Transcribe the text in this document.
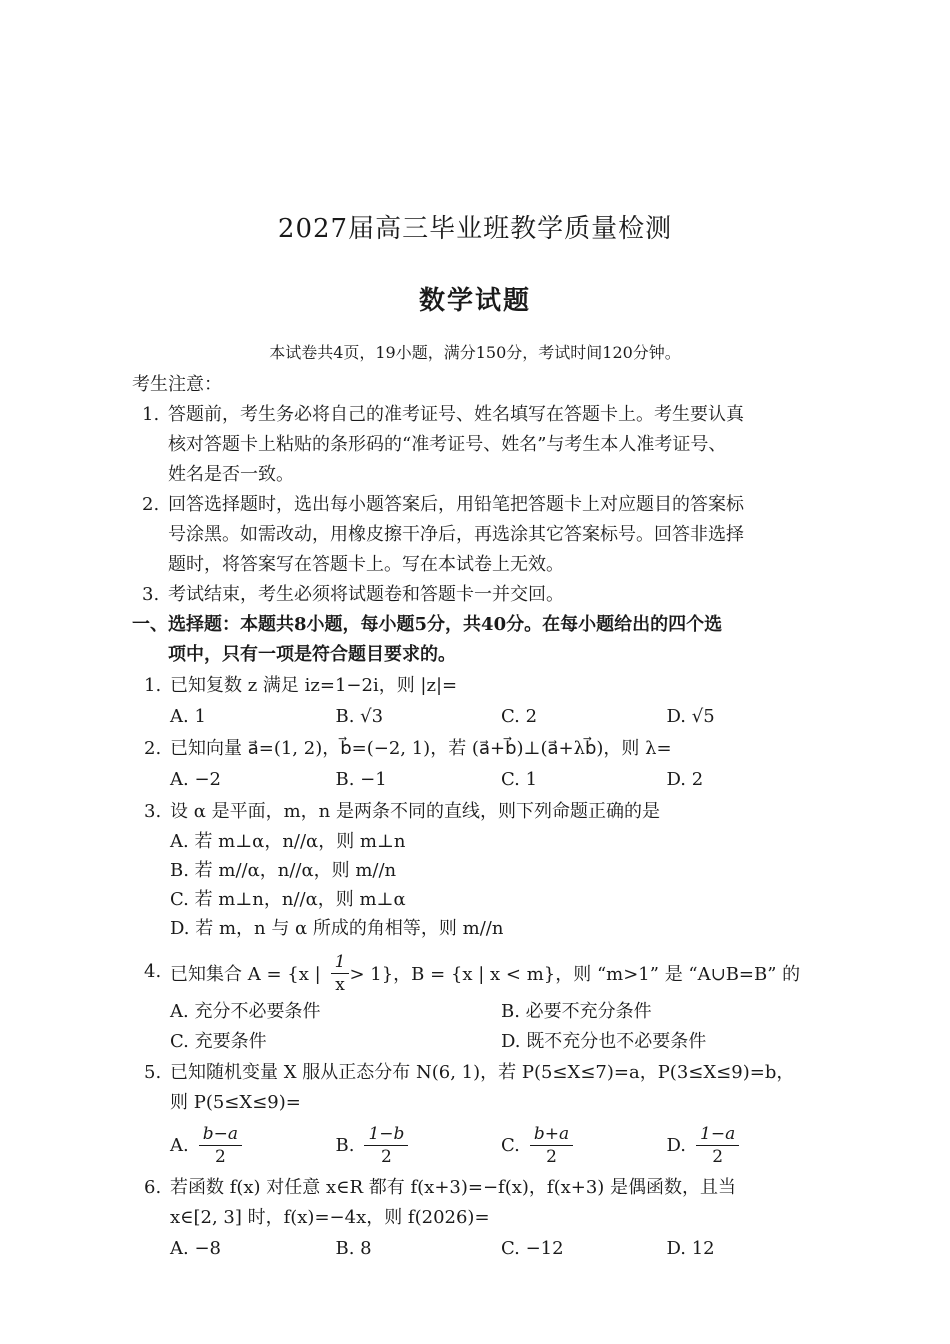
2027届高三毕业班教学质量检测
数学试题
本试卷共4页，19小题，满分150分，考试时间120分钟。
考生注意：
1. 答题前，考生务必将自己的准考证号、姓名填写在答题卡上。考生要认真
核对答题卡上粘贴的条形码的“准考证号、姓名”与考生本人准考证号、
姓名是否一致。
2. 回答选择题时，选出每小题答案后，用铅笔把答题卡上对应题目的答案标
号涂黑。如需改动，用橡皮擦干净后，再选涂其它答案标号。回答非选择
题时，将答案写在答题卡上。写在本试卷上无效。
3. 考试结束，考生必须将试题卷和答题卡一并交回。
一、 选择题：本题共8小题，每小题5分，共40分。在每小题给出的四个选
项中，只有一项是符合题目要求的。
1. 已知复数 z 满足 iz=1−2i，则 |z|=
A. 1	B. √3	C. 2	D. √5
2. 已知向量 a⃗=(1, 2)，b⃗=(−2, 1)，若 (a⃗+b⃗)⊥(a⃗+λb⃗)，则 λ=
A. −2	B. −1	C. 1	D. 2
3. 设 α 是平面，m，n 是两条不同的直线，则下列命题正确的是
A. 若 m⊥α，n//α，则 m⊥n
B. 若 m//α，n//α，则 m//n
C. 若 m⊥n，n//α，则 m⊥α
D. 若 m，n 与 α 所成的角相等，则 m//n
4. 已知集合 A = {x | $\frac{1}{x} > 1$}，B = {x | x < m}，则 “m>1” 是 “A∪B=B” 的
A. 充分不必要条件	B. 必要不充分条件
C. 充要条件	D. 既不充分也不必要条件
5. 已知随机变量 X 服从正态分布 N(6, 1)，若 P(5≤X≤7)=a，P(3≤X≤9)=b，
则 P(5≤X≤9)=
A. $\frac{b-a}{2}$	B. $\frac{1-b}{2}$	C. $\frac{b+a}{2}$	D. $\frac{1-a}{2}$
6. 若函数 f(x) 对任意 x∈R 都有 f(x+3)=−f(x)，f(x+3) 是偶函数，且当
x∈[2, 3] 时，f(x)=−4x，则 f(2026)=
A. −8	B. 8	C. −12	D. 12
